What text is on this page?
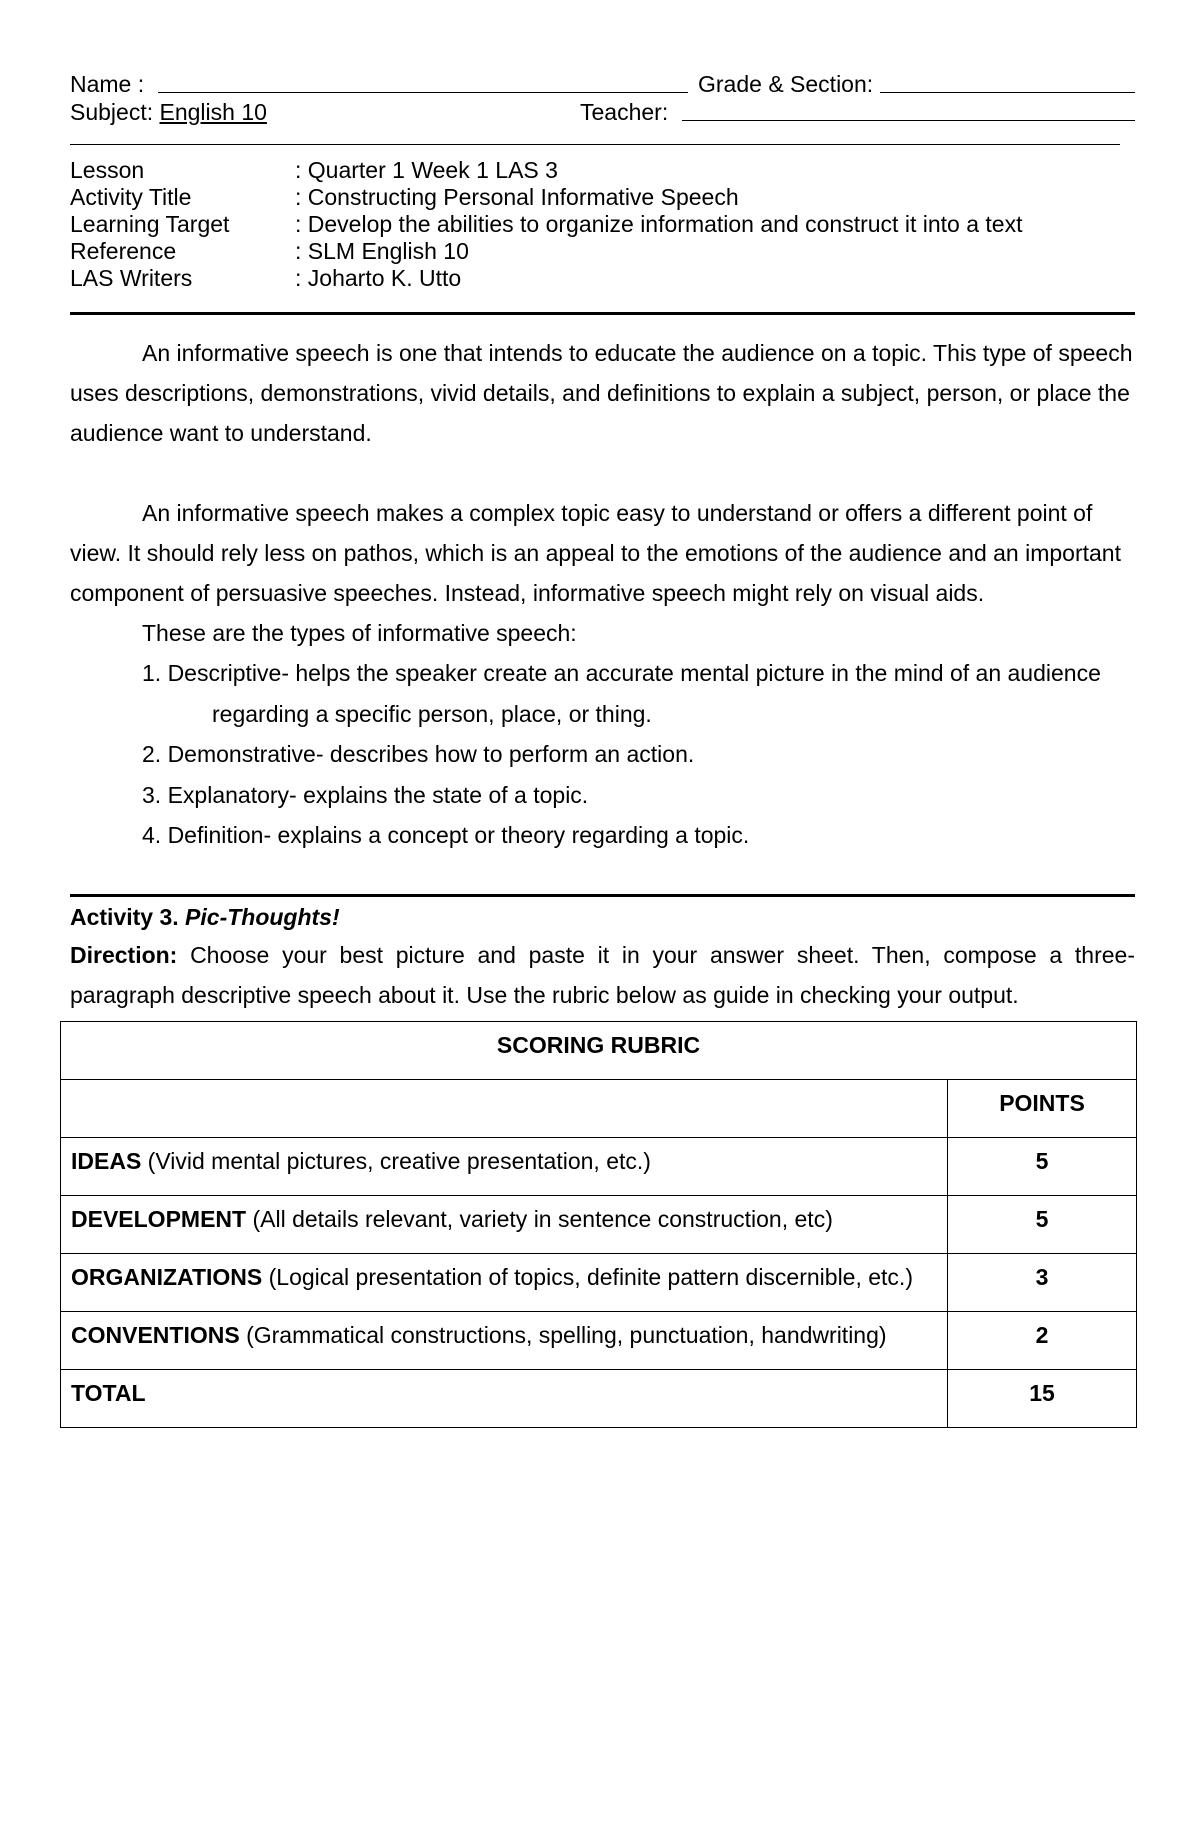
Name :	Grade & Section:
Subject: English 10	Teacher:
Lesson	: Quarter 1 Week 1 LAS 3
Activity Title	: Constructing Personal Informative Speech
Learning Target	: Develop the abilities to organize information and construct it into a text
Reference	: SLM English 10
LAS Writers	: Joharto K. Utto

An informative speech is one that intends to educate the audience on a topic. This type of speech uses descriptions, demonstrations, vivid details, and definitions to explain a subject, person, or place the audience want to understand.

An informative speech makes a complex topic easy to understand or offers a different point of view. It should rely less on pathos, which is an appeal to the emotions of the audience and an important component of persuasive speeches. Instead, informative speech might rely on visual aids.

These are the types of informative speech:

1. Descriptive- helps the speaker create an accurate mental picture in the mind of an audience
regarding a specific person, place, or thing.
2. Demonstrative- describes how to perform an action.
3. Explanatory- explains the state of a topic.
4. Definition- explains a concept or theory regarding a topic.
Activity 3. Pic-Thoughts!

Direction: Choose your best picture and paste it in your answer sheet. Then, compose a three-paragraph descriptive speech about it. Use the rubric below as guide in checking your output.

SCORING RUBRIC	
	POINTS
IDEAS (Vivid mental pictures, creative presentation, etc.)	5
DEVELOPMENT (All details relevant, variety in sentence construction, etc)	5
ORGANIZATIONS (Logical presentation of topics, definite pattern discernible, etc.)	3
CONVENTIONS (Grammatical constructions, spelling, punctuation, handwriting)	2
TOTAL	15
